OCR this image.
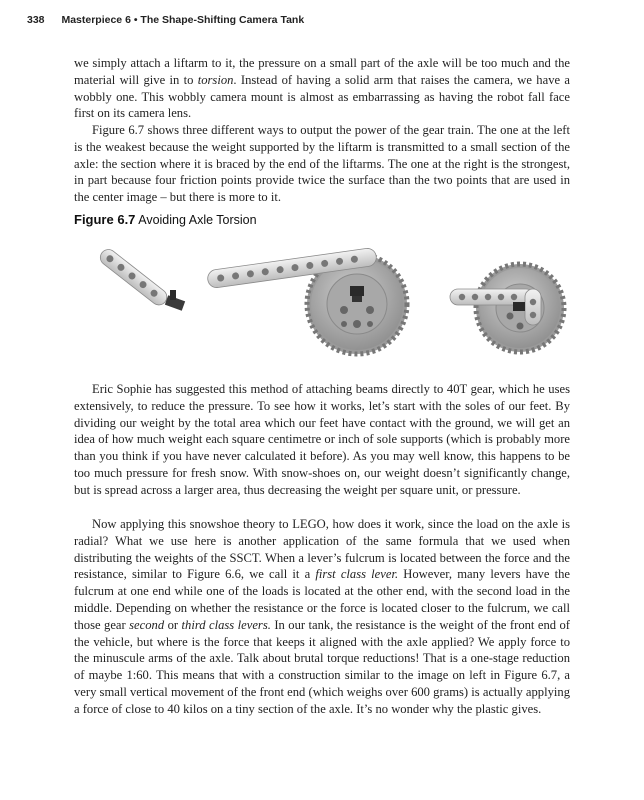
338 Masterpiece 6 • The Shape-Shifting Camera Tank

we simply attach a liftarm to it, the pressure on a small part of the axle will be too much and the material will give in to torsion. Instead of having a solid arm that raises the camera, we have a wobbly one. This wobbly camera mount is almost as embarrassing as having the robot fall face first on its camera lens.

Figure 6.7 shows three different ways to output the power of the gear train. The one at the left is the weakest because the weight supported by the liftarm is transmitted to a small section of the axle: the section where it is braced by the end of the liftarms. The one at the right is the strongest, in part because four friction points provide twice the surface than the two points that are used in the center image – but there is more to it.

Figure 6.7 Avoiding Axle Torsion

Eric Sophie has suggested this method of attaching beams directly to 40T gear, which he uses extensively, to reduce the pressure. To see how it works, let’s start with the soles of our feet. By dividing our weight by the total area which our feet have contact with the ground, we will get an idea of how much weight each square centimetre or inch of sole supports (which is probably more than you think if you have never calculated it before). As you may well know, this happens to be too much pressure for fresh snow. With snow-shoes on, our weight doesn’t significantly change, but is spread across a larger area, thus decreasing the weight per square unit, or pressure.

Now applying this snowshoe theory to LEGO, how does it work, since the load on the axle is radial? What we use here is another application of the same formula that we used when distributing the weights of the SSCT. When a lever’s fulcrum is located between the force and the resistance, similar to Figure 6.6, we call it a first class lever. However, many levers have the fulcrum at one end while one of the loads is located at the other end, with the second load in the middle. Depending on whether the resistance or the force is located closer to the fulcrum, we call those gear second or third class levers. In our tank, the resistance is the weight of the front end of the vehicle, but where is the force that keeps it aligned with the axle applied? We apply force to the minuscule arms of the axle. Talk about brutal torque reductions! That is a one-stage reduction of maybe 1:60. This means that with a construction similar to the image on left in Figure 6.7, a very small vertical movement of the front end (which weighs over 600 grams) is actually applying a force of close to 40 kilos on a tiny section of the axle. It’s no wonder why the plastic gives.
